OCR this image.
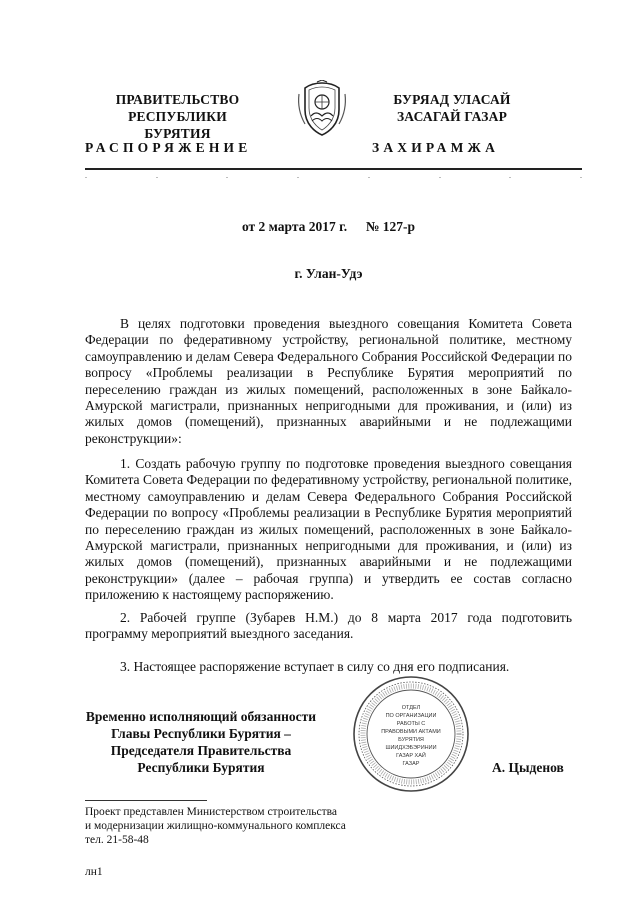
ПРАВИТЕЛЬСТВО
РЕСПУБЛИКИ БУРЯТИЯ
БУРЯАД УЛАСАЙ
ЗАСАГАЙ ГАЗАР
РАСПОРЯЖЕНИЕ	ЗАХИРАМЖА
от 2 марта 2017 г. № 127-р
г. Улан-Удэ
В целях подготовки проведения выездного совещания Комитета Совета Федерации по федеративному устройству, региональной политике, местному самоуправлению и делам Севера Федерального Собрания Российской Федерации по вопросу «Проблемы реализации в Республике Бурятия мероприятий по переселению граждан из жилых помещений, расположенных в зоне Байкало-Амурской магистрали, признанных непригодными для проживания, и (или) из жилых домов (помещений), признанных аварийными и не подлежащими реконструкции»:
1. Создать рабочую группу по подготовке проведения выездного совещания Комитета Совета Федерации по федеративному устройству, региональной политике, местному самоуправлению и делам Севера Федерального Собрания Российской Федерации по вопросу «Проблемы реализации в Республике Бурятия мероприятий по переселению граждан из жилых помещений, расположенных в зоне Байкало-Амурской магистрали, признанных непригодными для проживания, и (или) из жилых домов (помещений), признанных аварийными и не подлежащими реконструкции» (далее – рабочая группа) и утвердить ее состав согласно приложению к настоящему распоряжению.
2. Рабочей группе (Зубарев Н.М.) до 8 марта 2017 года подготовить программу мероприятий выездного заседания.
3. Настоящее распоряжение вступает в силу со дня его подписания.
Временно исполняющий обязанности
Главы Республики Бурятия –
Председателя Правительства
Республики Бурятия
ОТДЕЛ
ПО ОРГАНИЗАЦИИ
РАБОТЫ С
ПРАВОВЫМИ АКТАМИ
БУРЯТИЯ
ШИИДХЭБЭРИНИИ
ГАЗАР ХАЙ
ГАЗАР	А. Цыденов
Проект представлен Министерством строительства
и модернизации жилищно-коммунального комплекса
тел. 21-58-48
лн1
